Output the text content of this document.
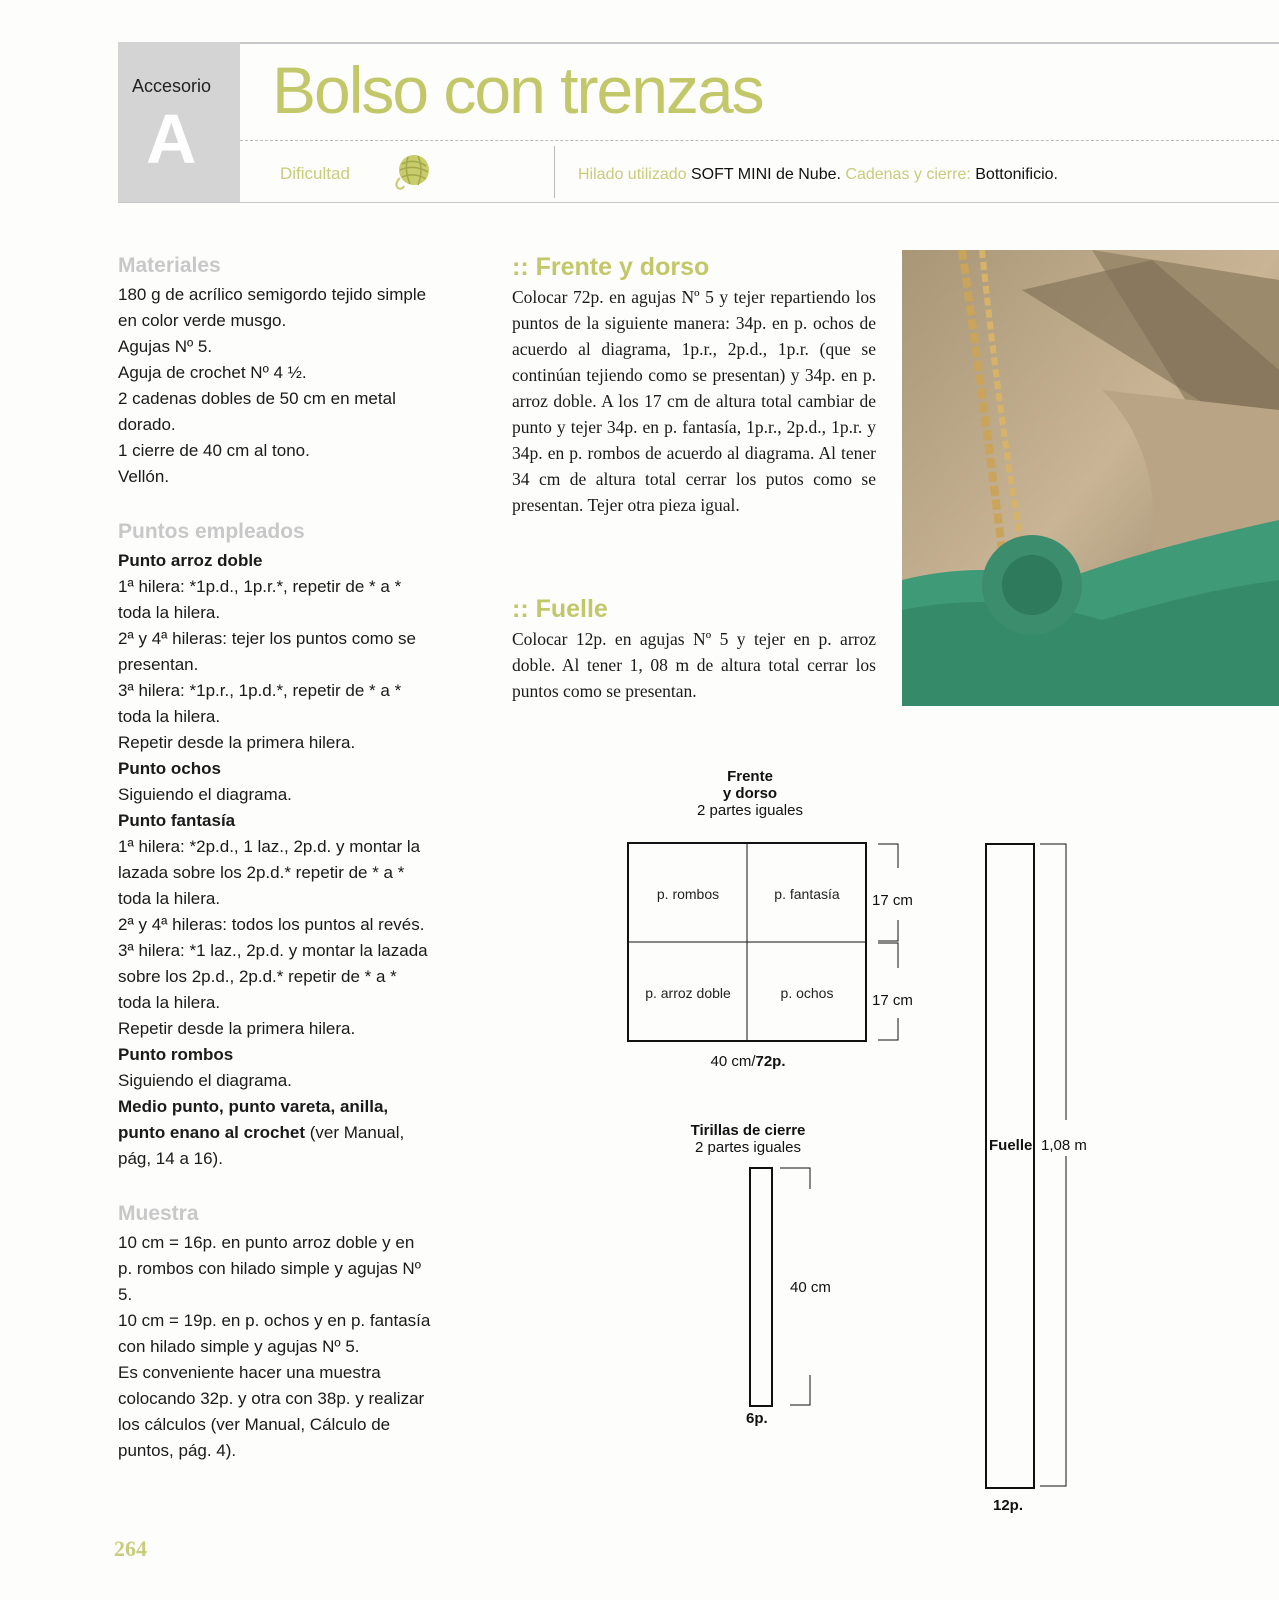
Accesorio
A
Bolso con trenzas
Dificultad	Hilado utilizado SOFT MINI de Nube. Cadenas y cierre: Bottonificio.
Materiales

180 g de acrílico semigordo tejido simple en color verde musgo.

Agujas Nº 5.

Aguja de crochet Nº 4 ½.

2 cadenas dobles de 50 cm en metal dorado.

1 cierre de 40 cm al tono.

Vellón.

Puntos empleados

Punto arroz doble

1ª hilera: *1p.d., 1p.r.*, repetir de * a * toda la hilera.

2ª y 4ª hileras: tejer los puntos como se presentan.

3ª hilera: *1p.r., 1p.d.*, repetir de * a * toda la hilera.

Repetir desde la primera hilera.

Punto ochos

Siguiendo el diagrama.

Punto fantasía

1ª hilera: *2p.d., 1 laz., 2p.d. y montar la lazada sobre los 2p.d.* repetir de * a * toda la hilera.

2ª y 4ª hileras: todos los puntos al revés.

3ª hilera: *1 laz., 2p.d. y montar la lazada sobre los 2p.d., 2p.d.* repetir de * a * toda la hilera.

Repetir desde la primera hilera.

Punto rombos

Siguiendo el diagrama.

Medio punto, punto vareta, anilla, punto enano al crochet (ver Manual, pág, 14 a 16).

Muestra

10 cm = 16p. en punto arroz doble y en p. rombos con hilado simple y agujas Nº 5.

10 cm = 19p. en p. ochos y en p. fantasía con hilado simple y agujas Nº 5.

Es conveniente hacer una muestra colocando 32p. y otra con 38p. y realizar los cálculos (ver Manual, Cálculo de puntos, pág. 4).

:: Frente y dorso

Colocar 72p. en agujas Nº 5 y tejer repartiendo los puntos de la siguiente manera: 34p. en p. ochos de acuerdo al diagrama, 1p.r., 2p.d., 1p.r. (que se continúan tejiendo como se presentan) y 34p. en p. arroz doble. A los 17 cm de altura total cambiar de punto y tejer 34p. en p. fantasía, 1p.r., 2p.d., 1p.r. y 34p. en p. rombos de acuerdo al diagrama. Al tener 34 cm de altura total cerrar los putos como se presentan. Tejer otra pieza igual.

:: Fuelle

Colocar 12p. en agujas Nº 5 y tejer en p. arroz doble. Al tener 1, 08 m de altura total cerrar los puntos como se presentan.

Frente
y dorso
2 partes iguales
p. rombos	p. fantasía
p. arroz doble	p. ochos
17 cm
17 cm
40 cm/72p.
Tirillas de cierre
2 partes iguales
40 cm
6p.
Fuelle 1,08 m
12p.
264
